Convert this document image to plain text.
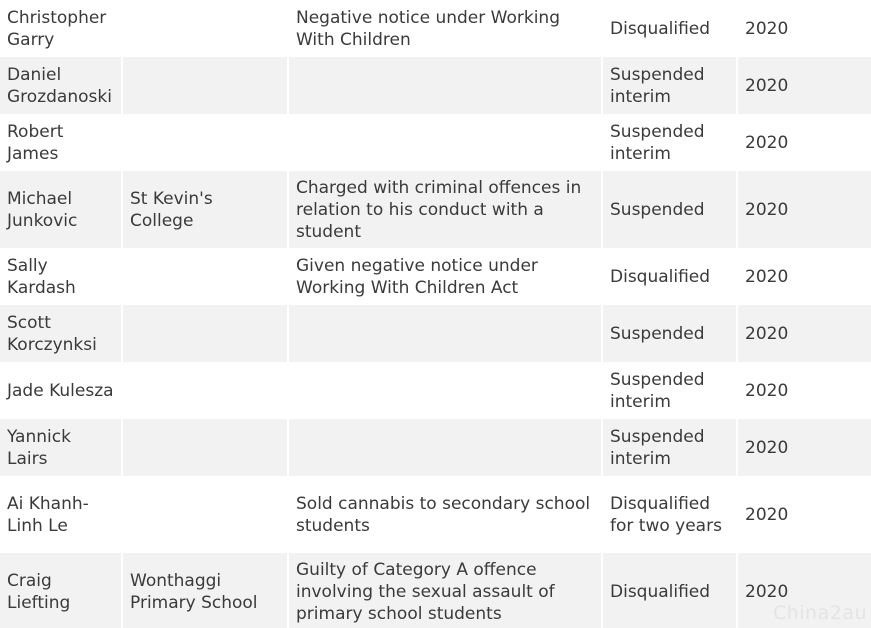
Christopher Garry		Negative notice under Working With Children	Disqualified	2020
Daniel Grozdanoski			Suspended interim	2020
Robert James			Suspended interim	2020
Michael Junkovic	St Kevin's College	Charged with criminal offences in relation to his conduct with a student	Suspended	2020
Sally Kardash		Given negative notice under Working With Children Act	Disqualified	2020
Scott Korczynksi			Suspended	2020
Jade Kulesza			Suspended interim	2020
Yannick Lairs			Suspended interim	2020
Ai Khanh-Linh Le		Sold cannabis to secondary school students	Disqualified for two years	2020
Craig Liefting	Wonthaggi Primary School	Guilty of Category A offence involving the sexual assault of primary school students	Disqualified	2020
Chinа2au
